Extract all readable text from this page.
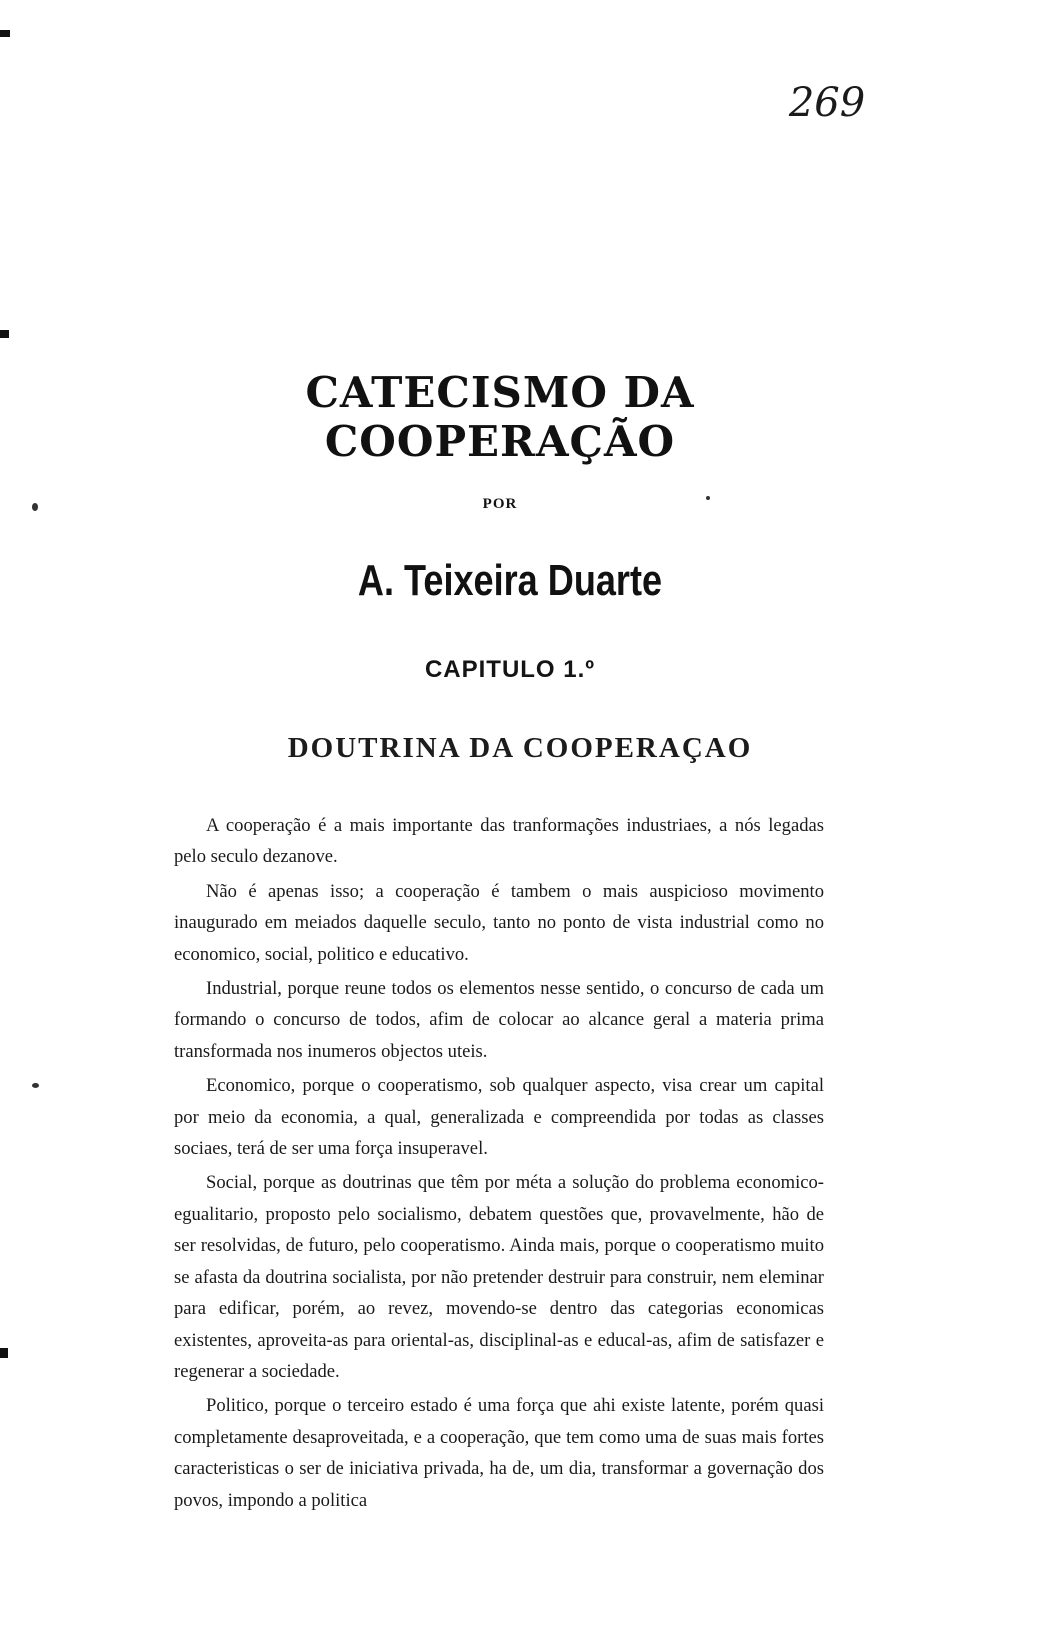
269

CATECISMO DA COOPERAÇÃO

POR

A. Teixeira Duarte
CAPITULO 1.º
DOUTRINA DA COOPERAÇAO

A cooperação é a mais importante das tranformações industriaes, a nós legadas pelo seculo dezanove.

Não é apenas isso; a cooperação é tambem o mais auspicioso movimento inaugurado em meiados daquelle seculo, tanto no ponto de vista industrial como no economico, social, politico e educativo.

Industrial, porque reune todos os elementos nesse sentido, o concurso de cada um formando o concurso de todos, afim de colocar ao alcance geral a materia prima transformada nos inumeros objectos uteis.

Economico, porque o cooperatismo, sob qualquer aspecto, visa crear um capital por meio da economia, a qual, generalizada e compreendida por todas as classes sociaes, terá de ser uma força insuperavel.

Social, porque as doutrinas que têm por méta a solução do problema economico-egualitario, proposto pelo socialismo, debatem questões que, provavelmente, hão de ser resolvidas, de futuro, pelo cooperatismo. Ainda mais, porque o cooperatismo muito se afasta da doutrina socialista, por não pretender destruir para construir, nem eleminar para edificar, porém, ao revez, movendo-se dentro das categorias economicas existentes, aproveita-as para oriental-as, disciplinal-as e educal-as, afim de satisfazer e regenerar a sociedade.

Politico, porque o terceiro estado é uma força que ahi existe latente, porém quasi completamente desaproveitada, e a cooperação, que tem como uma de suas mais fortes caracteristicas o ser de iniciativa privada, ha de, um dia, transformar a governação dos povos, impondo a politica
